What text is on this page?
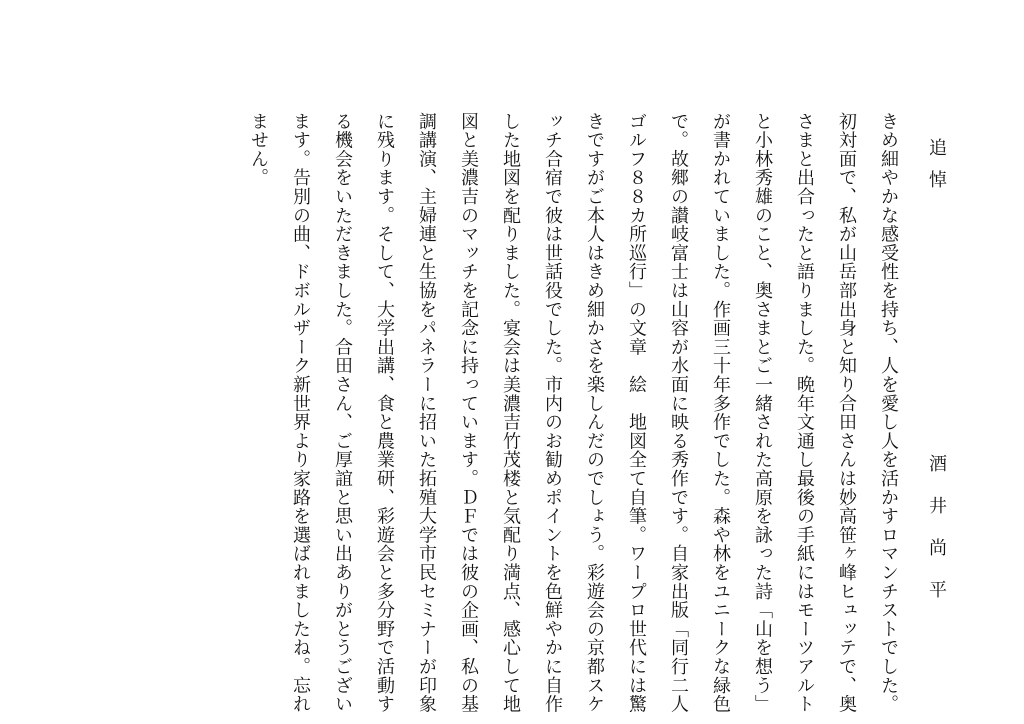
追悼
酒井尚平
きめ細やかな感受性を持ち、人を愛し人を活かすロマンチストでした。
初対面で、私が山岳部出身と知り合田さんは妙高笹ヶ峰ヒュッテで、奥
さまと出合ったと語りました。晩年文通し最後の手紙にはモーツアルト
と小林秀雄のこと、奥さまとご一緒された高原を詠った詩「山を想う」
が書かれていました。作画三十年多作でした。森や林をユニークな緑色
で。故郷の讃岐富士は山容が水面に映る秀作です。自家出版「同行二人
ゴルフ８８カ所巡行」の文章　絵　地図全て自筆。ワープロ世代には驚
きですがご本人はきめ細かさを楽しんだのでしょう。彩遊会の京都スケ
ッチ合宿で彼は世話役でした。市内のお勧めポイントを色鮮やかに自作
した地図を配りました。宴会は美濃吉竹茂楼と気配り満点、感心して地
図と美濃吉のマッチを記念に持っています。ＤＦでは彼の企画、私の基
調講演、主婦連と生協をパネラーに招いた拓殖大学市民セミナーが印象
に残ります。そして、大学出講、食と農業研、彩遊会と多分野で活動す
る機会をいただきました。合田さん、ご厚誼と思い出ありがとうござい
ます。告別の曲、ドボルザーク新世界より家路を選ばれましたね。忘れ
ません。
